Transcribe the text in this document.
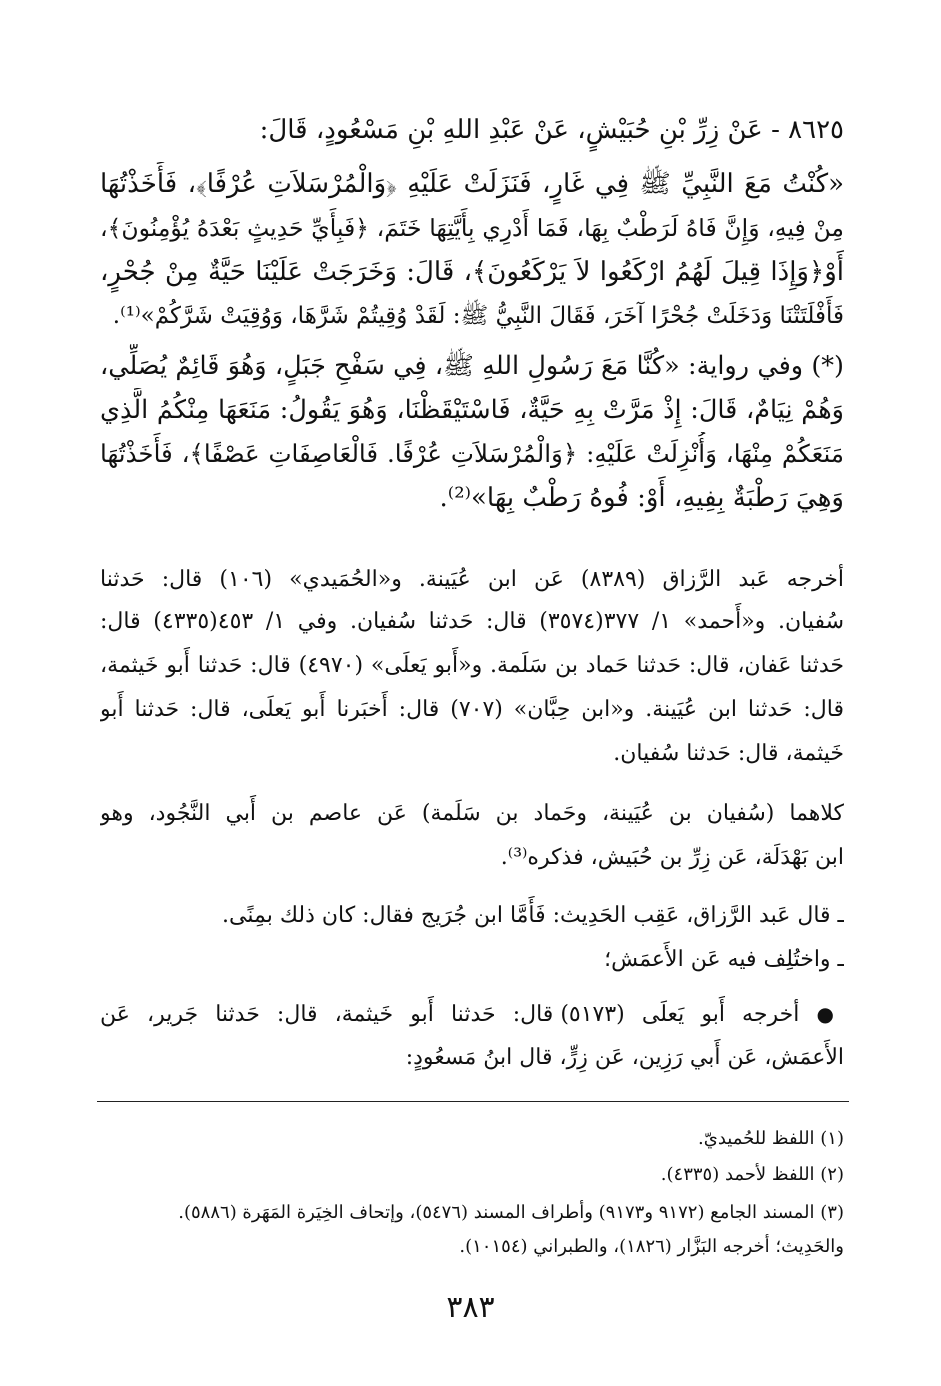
٨٦٢٥ - عَنْ زِرِّ بْنِ حُبَيْشٍ، عَنْ عَبْدِ اللهِ بْنِ مَسْعُودٍ، قَالَ:
«كُنْتُ مَعَ النَّبِيِّ ﷺ فِي غَارٍ، فَنَزَلَتْ عَلَيْهِ ﴿وَالْمُرْسَلاَتِ عُرْفًا﴾، فَأَخَذْتُهَا
مِنْ فِيهِ، وَإِنَّ فَاهُ لَرَطْبٌ بِهَا، فَمَا أَدْرِي بِأَيَّتِهَا خَتَمَ، ﴿فَبِأَيِّ حَدِيثٍ بَعْدَهُ يُؤْمِنُونَ﴾،
أَوْ﴿وَإِذَا قِيلَ لَهُمُ ارْكَعُوا لاَ يَرْكَعُونَ﴾، قَالَ: وَخَرَجَتْ عَلَيْنَا حَيَّةٌ مِنْ جُحْرٍ،
فَأَفْلَتَتْنَا وَدَخَلَتْ جُحْرًا آخَرَ، فَقَالَ النَّبِيُّ ﷺ: لَقَدْ وُقِيتُمْ شَرَّهَا، وَوُقِيَتْ شَرَّكُمْ»⁽¹⁾.
(*) وفي رواية: «كُنَّا مَعَ رَسُولِ اللهِ ﷺ، فِي سَفْحِ جَبَلٍ، وَهُوَ قَائِمٌ يُصَلِّي،
وَهُمْ نِيَامٌ، قَالَ: إِذْ مَرَّتْ بِهِ حَيَّةٌ، فَاسْتَيْقَظْنَا، وَهُوَ يَقُولُ: مَنَعَهَا مِنْكُمُ الَّذِي
مَنَعَكُمْ مِنْهَا، وَأُنْزِلَتْ عَلَيْهِ: ﴿وَالْمُرْسَلاَتِ عُرْفًا. فَالْعَاصِفَاتِ عَصْفًا﴾، فَأَخَذْتُهَا
وَهِيَ رَطْبَةٌ بِفِيهِ، أَوْ: فُوهُ رَطْبٌ بِهَا»⁽²⁾.
أخرجه عَبد الرَّزاق (٨٣٨٩) عَن ابن عُيَينة. و«الحُمَيدي» (١٠٦) قال: حَدثنا
سُفيان. و«أَحمد» ١/ ٣٧٧(٣٥٧٤) قال: حَدثنا سُفيان. وفي ١/ ٤٥٣(٤٣٣٥) قال:
حَدثنا عَفان، قال: حَدثنا حَماد بن سَلَمة. و«أَبو يَعلَى» (٤٩٧٠) قال: حَدثنا أَبو خَيثمة،
قال: حَدثنا ابن عُيَينة. و«ابن حِبَّان» (٧٠٧) قال: أَخبَرنا أَبو يَعلَى، قال: حَدثنا أَبو
خَيثمة، قال: حَدثنا سُفيان.
كلاهما (سُفيان بن عُيَينة، وحَماد بن سَلَمة) عَن عاصم بن أَبي النَّجُود، وهو
ابن بَهْدَلَة، عَن زِرِّ بن حُبَيش، فذكره⁽³⁾.
ـ قال عَبد الرَّزاق، عَقِب الحَدِيث: فَأَمَّا ابن جُرَيج فقال: كان ذلك بمِنًى.
ـ واختُلِف فيه عَن الأَعمَش؛
● أخرجه أَبو يَعلَى (٥١٧٣) قال: حَدثنا أَبو خَيثمة، قال: حَدثنا جَرير، عَن
الأَعمَش، عَن أَبي رَزِين، عَن زِرٍّ، قال ابنُ مَسعُودٍ:
(١) اللفظ للحُميديّ.
(٢) اللفظ لأحمد (٤٣٣٥).
(٣) المسند الجامع (٩١٧٢ و٩١٧٣) وأطراف المسند (٥٤٧٦)، وإتحاف الخِيَرة المَهَرة (٥٨٨٦).
والحَدِيث؛ أخرجه البَزَّار (١٨٢٦)، والطبراني (١٠١٥٤).
٣٨٣
